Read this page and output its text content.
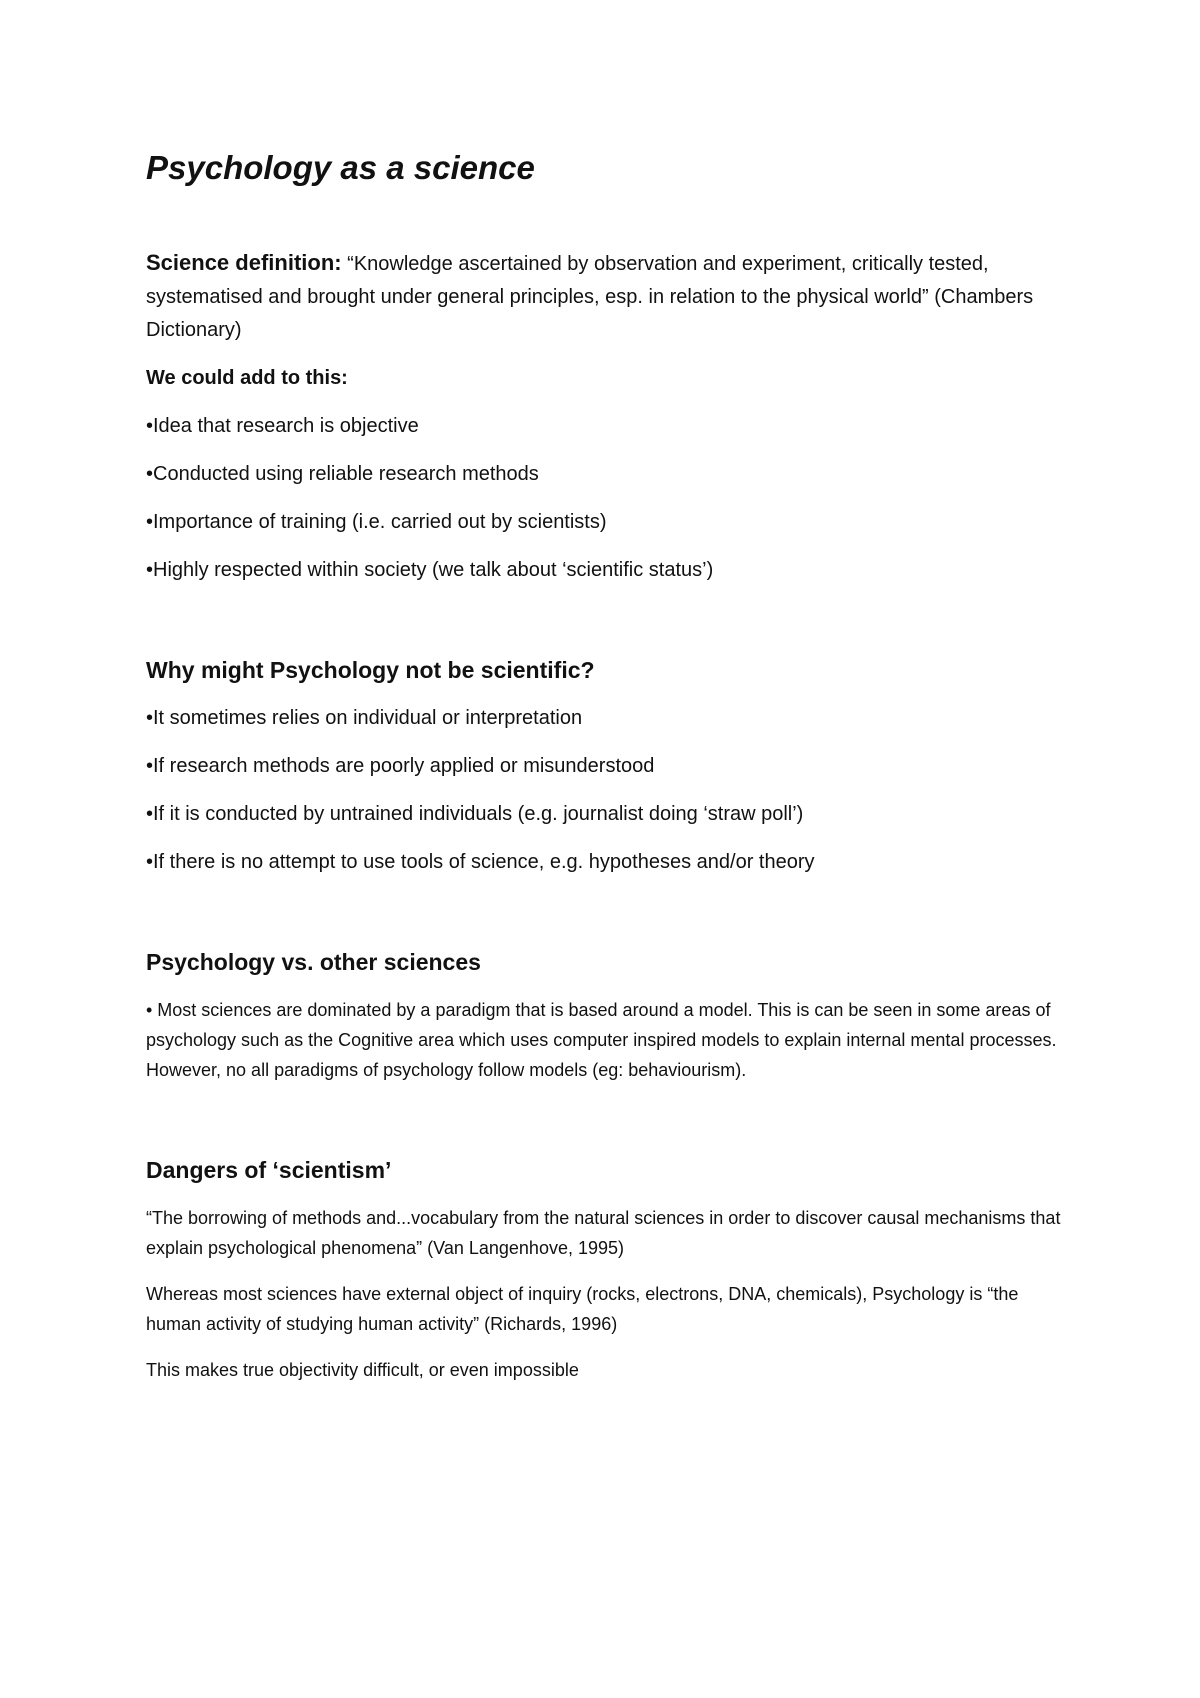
Psychology as a science

Science definition: “Knowledge ascertained by observation and experiment, critically tested, systematised and brought under general principles, esp. in relation to the physical world” (Chambers Dictionary)

We could add to this:

•Idea that research is objective

•Conducted using reliable research methods

•Importance of training (i.e. carried out by scientists)

•Highly respected within society (we talk about ‘scientific status’)

Why might Psychology not be scientific?

•It sometimes relies on individual or interpretation

•If research methods are poorly applied or misunderstood

•If it is conducted by untrained individuals (e.g. journalist doing ‘straw poll’)

•If there is no attempt to use tools of science, e.g. hypotheses and/or theory

Psychology vs. other sciences

• Most sciences are dominated by a paradigm that is based around a model. This is can be seen in some areas of psychology such as the Cognitive area which uses computer inspired models to explain internal mental processes. However, no all paradigms of psychology follow models (eg: behaviourism).

Dangers of ‘scientism’

“The borrowing of methods and...vocabulary from the natural sciences in order to discover causal mechanisms that explain psychological phenomena” (Van Langenhove, 1995)

Whereas most sciences have external object of inquiry (rocks, electrons, DNA, chemicals), Psychology is “the human activity of studying human activity” (Richards, 1996)

This makes true objectivity difficult, or even impossible
